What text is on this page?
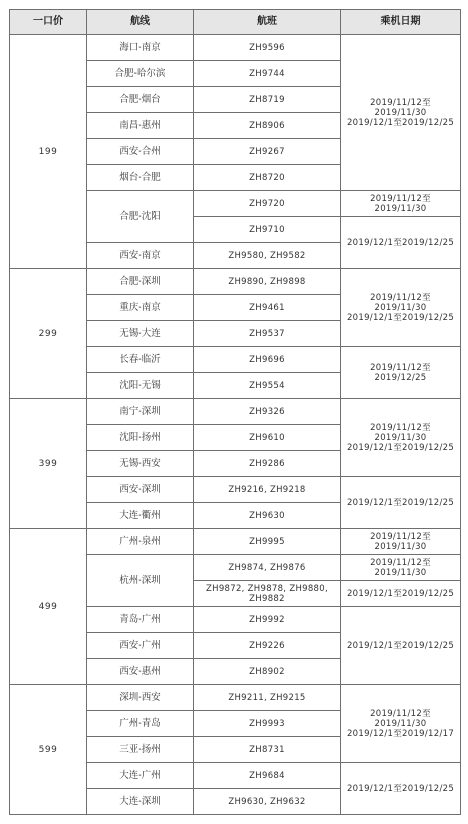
一口价	航线	航班	乘机日期
199	海口-南京	ZH9596	2019/11/12至
2019/11/30
2019/12/1至2019/12/25

	合肥-哈尔滨	ZH9744	
	合肥-烟台	ZH8719	
	南昌-惠州	ZH8906	
	西安-合州	ZH9267	
	烟台-合肥	ZH8720	
	合肥-沈阳	ZH9720	2019/11/12至
2019/11/30

		ZH9710	2019/12/1至2019/12/25

	西安-南京	ZH9580, ZH9582	
299	合肥-深圳	ZH9890, ZH9898	2019/11/12至
2019/11/30
2019/12/1至2019/12/25

	重庆-南京	ZH9461	
	无锡-大连	ZH9537	
	长春-临沂	ZH9696	2019/11/12至
2019/12/25

	沈阳-无锡	ZH9554	
399	南宁-深圳	ZH9326	2019/11/12至
2019/11/30
2019/12/1至2019/12/25

	沈阳-扬州	ZH9610	
	无锡-西安	ZH9286	
	西安-深圳	ZH9216, ZH9218	2019/12/1至2019/12/25

	大连-衢州	ZH9630	
499	广州-泉州	ZH9995	2019/11/12至
2019/11/30

	杭州-深圳	ZH9874, ZH9876	2019/11/12至
2019/11/30

		ZH9872, ZH9878, ZH9880, ZH9882	2019/12/1至2019/12/25

	青岛-广州	ZH9992	2019/12/1至2019/12/25

	西安-广州	ZH9226	
	西安-惠州	ZH8902	
599	深圳-西安	ZH9211, ZH9215	2019/11/12至
2019/11/30
2019/12/1至2019/12/17

	广州-青岛	ZH9993	
	三亚-扬州	ZH8731	
	大连-广州	ZH9684	2019/12/1至2019/12/25

	大连-深圳	ZH9630, ZH9632	
